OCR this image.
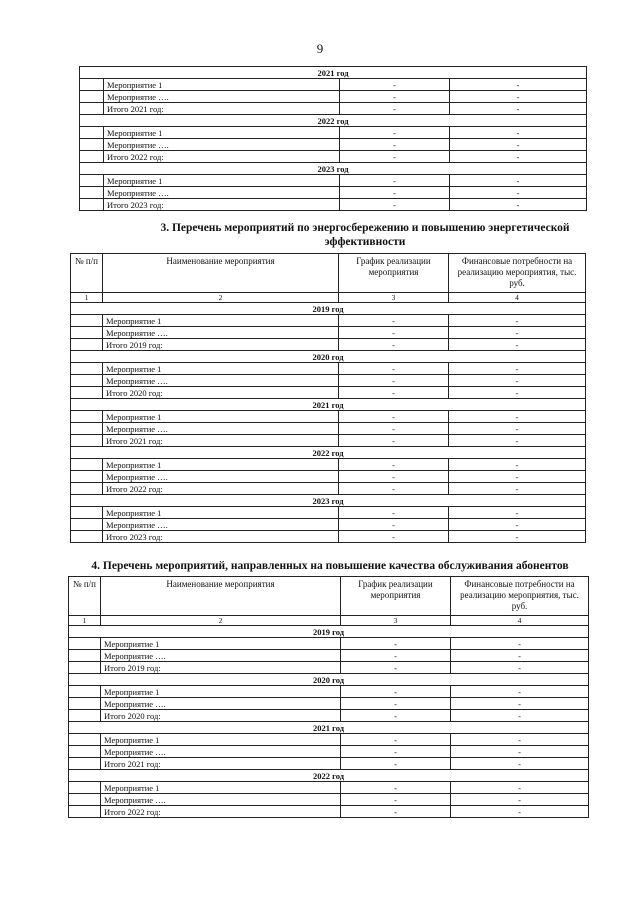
9
2021 год			
	Мероприятие 1	-	-
	Мероприятие ….	-	-
	Итого 2021 год:	-	-
2022 год			
	Мероприятие 1	-	-
	Мероприятие ….	-	-
	Итого 2022 год:	-	-
2023 год			
	Мероприятие 1	-	-
	Мероприятие ….	-	-
	Итого 2023 год:	-	-
3. Перечень мероприятий по энергосбережению и повышению энергетической
эффективности
№ п/п	Наименование мероприятия	График реализации мероприятия	Финансовые потребности на реализацию мероприятия, тыс. руб.
1	2	3	4
2019 год			
	Мероприятие 1	-	-
	Мероприятие ….	-	-
	Итого 2019 год:	-	-
2020 год			
	Мероприятие 1	-	-
	Мероприятие ….	-	-
	Итого 2020 год:	-	-
2021 год			
	Мероприятие 1	-	-
	Мероприятие ….	-	-
	Итого 2021 год:	-	-
2022 год			
	Мероприятие 1	-	-
	Мероприятие ….	-	-
	Итого 2022 год:	-	-
2023 год			
	Мероприятие 1	-	-
	Мероприятие ….	-	-
	Итого 2023 год:	-	-
4. Перечень мероприятий, направленных на повышение качества обслуживания абонентов
№ п/п	Наименование мероприятия	График реализации мероприятия	Финансовые потребности на реализацию мероприятия, тыс. руб.
1	2	3	4
2019 год			
	Мероприятие 1	-	-
	Мероприятие ….	-	-
	Итого 2019 год:	-	-
2020 год			
	Мероприятие 1	-	-
	Мероприятие ….	-	-
	Итого 2020 год:	-	-
2021 год			
	Мероприятие 1	-	-
	Мероприятие ….	-	-
	Итого 2021 год:	-	-
2022 год			
	Мероприятие 1	-	-
	Мероприятие ….	-	-
	Итого 2022 год:	-	-
